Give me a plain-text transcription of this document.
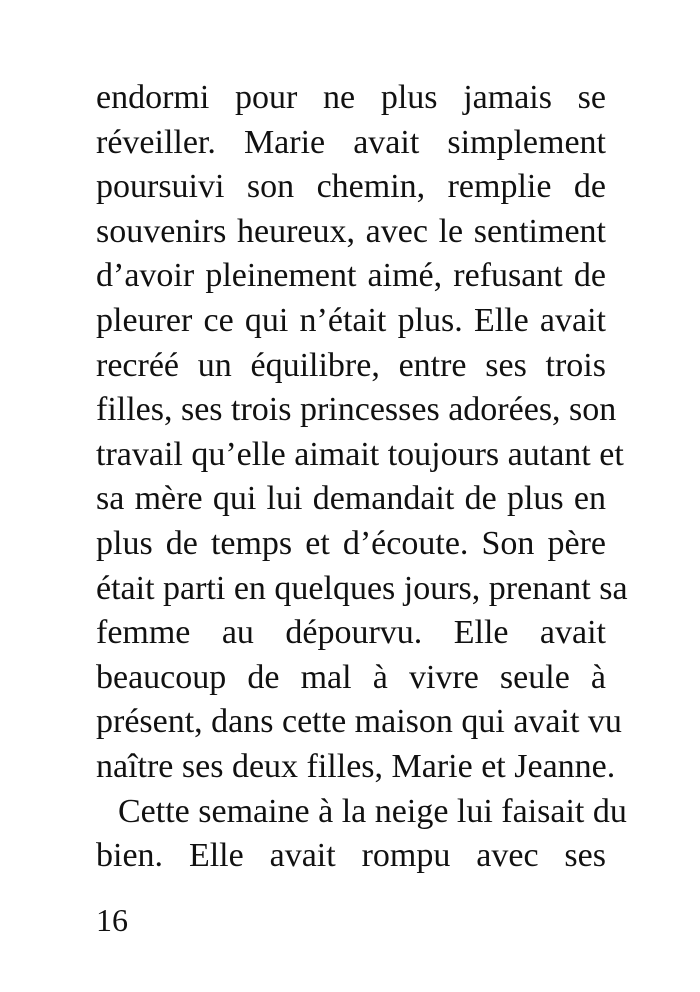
endormi pour ne plus jamais se
réveiller. Marie avait simplement
poursuivi son chemin, remplie de
souvenirs heureux, avec le sentiment
d’avoir pleinement aimé, refusant de
pleurer ce qui n’était plus. Elle avait
recréé un équilibre, entre ses trois
filles, ses trois princesses adorées, son
travail qu’elle aimait toujours autant et
sa mère qui lui demandait de plus en
plus de temps et d’écoute. Son père
était parti en quelques jours, prenant sa
femme au dépourvu. Elle avait
beaucoup de mal à vivre seule à
présent, dans cette maison qui avait vu
naître ses deux filles, Marie et Jeanne.
Cette semaine à la neige lui faisait du
bien. Elle avait rompu avec ses
16
